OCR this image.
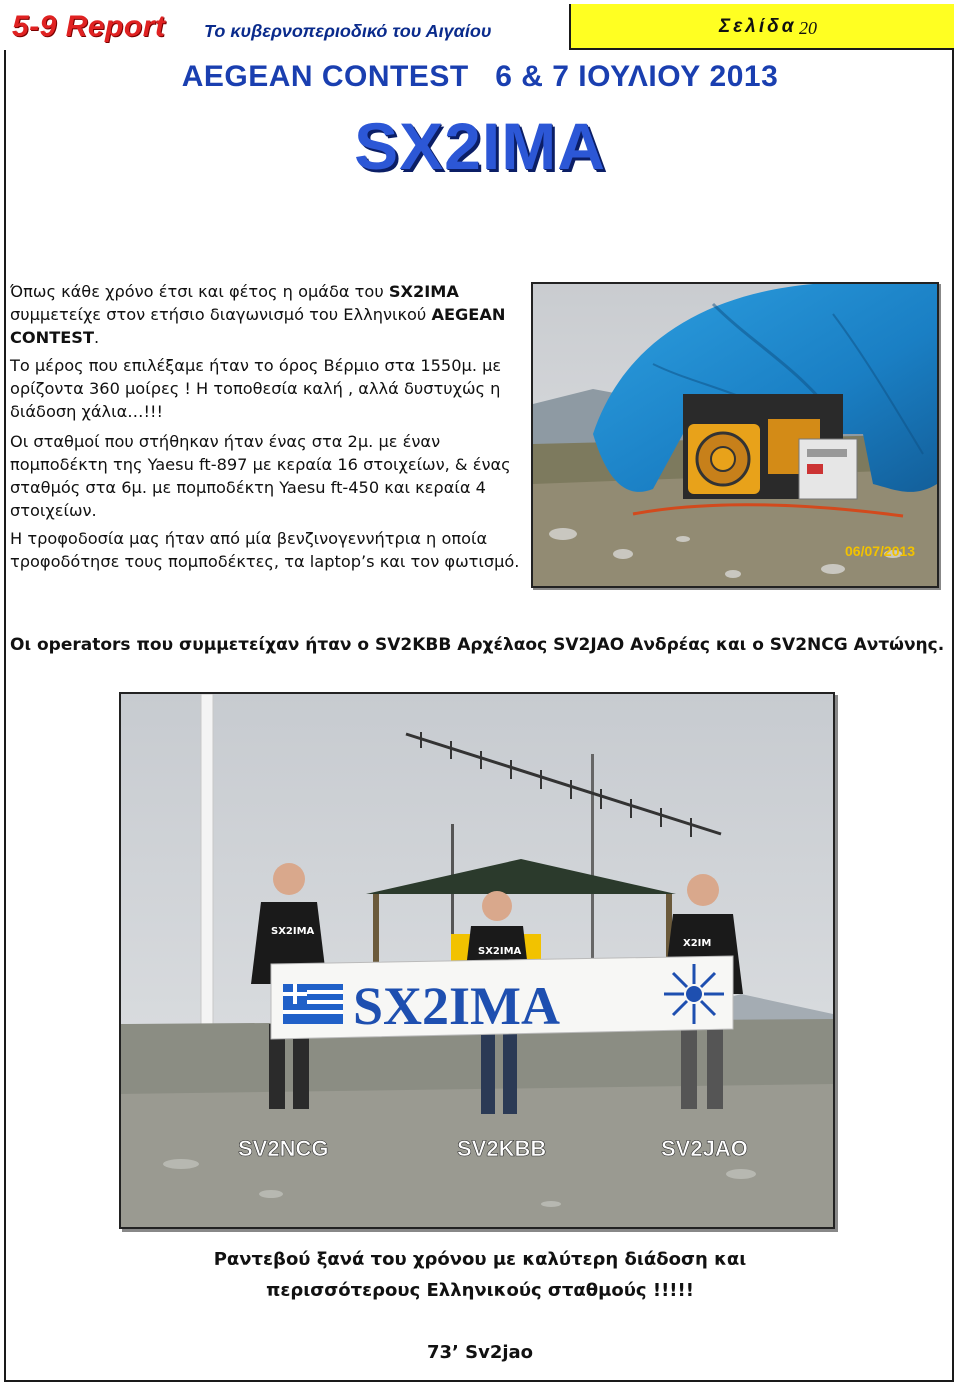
5-9 Report Το κυβερνοπεριοδικό του Αιγαίου	Σελίδα 20
AEGEAN CONTEST   6 & 7 ΙΟΥΛΙΟΥ 2013
SX2IMA
Όπως κάθε χρόνο έτσι και φέτος η ομάδα του SX2IMA συμμετείχε στον ετήσιο διαγωνισμό του Ελληνικού AEGEAN CONTEST.
Το μέρος που επιλέξαμε ήταν το όρος Βέρμιο στα 1550μ. με ορίζοντα 360 μοίρες ! Η τοποθεσία καλή , αλλά δυστυχώς η διάδοση χάλια…!!!
Οι σταθμοί που στήθηκαν ήταν ένας στα 2μ. με έναν πομποδέκτη της Yaesu ft-897 με κεραία 16 στοιχείων, & ένας σταθμός στα 6μ. με πομποδέκτη Yaesu ft-450 και κεραία 4 στοιχείων.
Η τροφοδοσία μας ήταν από μία βενζινογεννήτρια η οποία τροφοδότησε τους πομποδέκτες, τα laptop’s και τον φωτισμό.
06/07/2013
Οι operators που συμμετείχαν ήταν ο SV2KBB Αρχέλαος SV2JAO Ανδρέας και ο SV2NCG Αντώνης.
SX2IMA
SX2IMA
X2IM
SX2IMA
SV2NCG	SV2KBB	SV2JAO
Ραντεβού ξανά του χρόνου με καλύτερη διάδοση και
περισσότερους Ελληνικούς σταθμούς !!!!!
73’ Sv2jao
